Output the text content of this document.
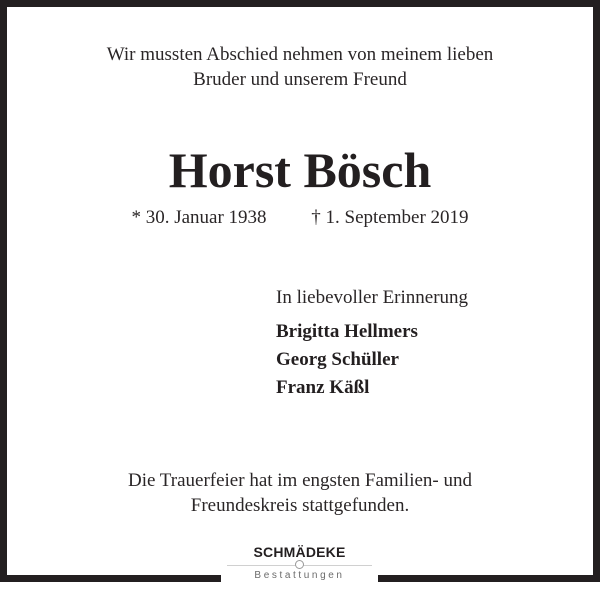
Wir mussten Abschied nehmen von meinem lieben
Bruder und unserem Freund
Horst Bösch
* 30. Januar 1938 † 1. September 2019
In liebevoller Erinnerung
Brigitta Hellmers
Georg Schüller
Franz Käßl
Die Trauerfeier hat im engsten Familien- und
Freundeskreis stattgefunden.
SCHMÄDEKE
Bestattungen
